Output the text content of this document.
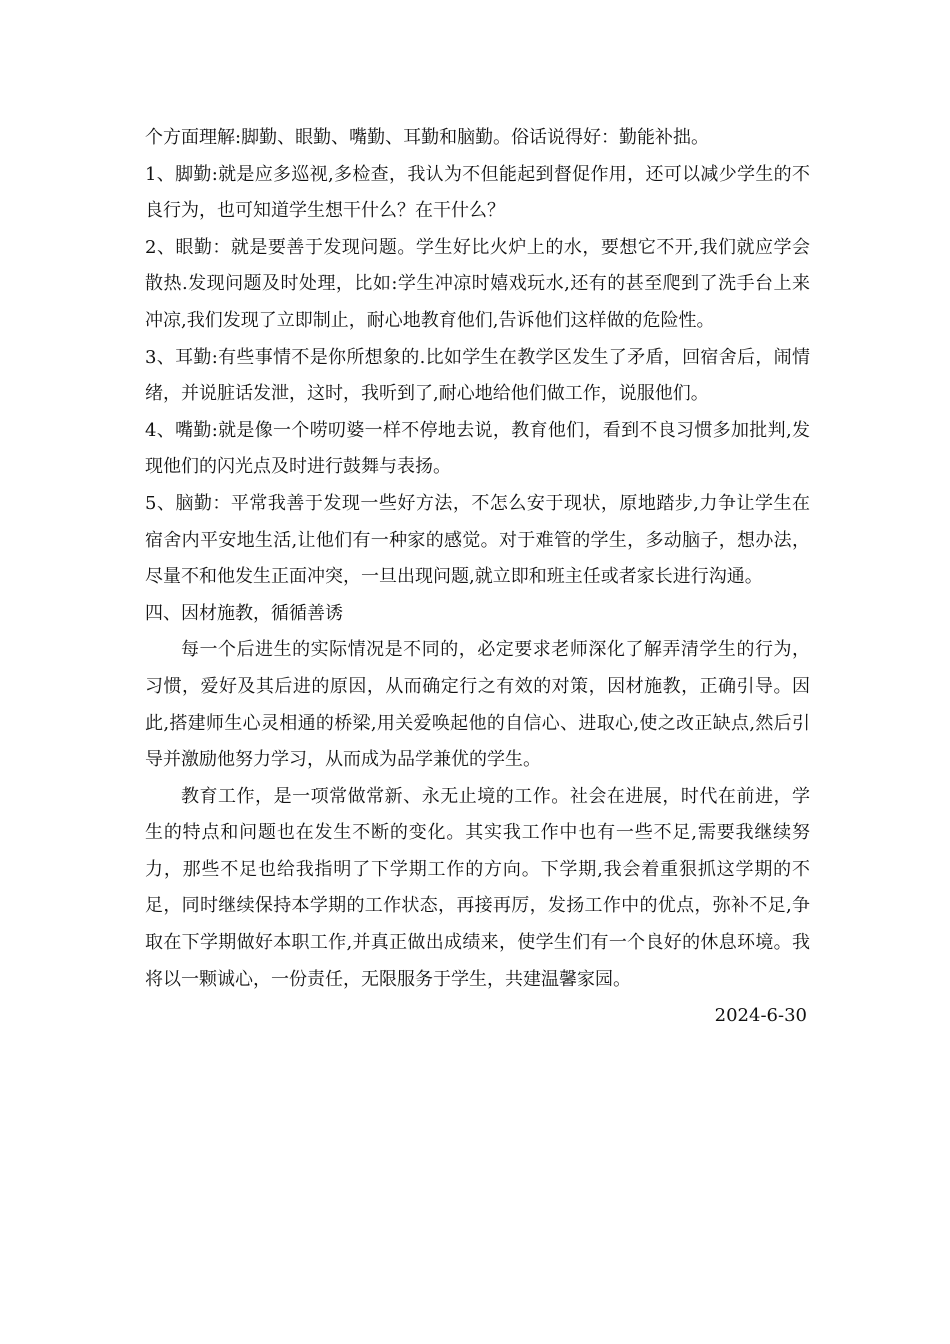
个方面理解:脚勤、眼勤、嘴勤、耳勤和脑勤。俗话说得好：勤能补拙。

1、脚勤:就是应多巡视,多检查，我认为不但能起到督促作用，还可以减少学生的不良行为，也可知道学生想干什么？在干什么？

2、眼勤：就是要善于发现问题。学生好比火炉上的水，要想它不开,我们就应学会散热.发现问题及时处理，比如:学生冲凉时嬉戏玩水,还有的甚至爬到了洗手台上来冲凉,我们发现了立即制止，耐心地教育他们,告诉他们这样做的危险性。

3、耳勤:有些事情不是你所想象的.比如学生在教学区发生了矛盾，回宿舍后，闹情绪，并说脏话发泄，这时，我听到了,耐心地给他们做工作，说服他们。

4、嘴勤:就是像一个唠叨婆一样不停地去说，教育他们，看到不良习惯多加批判,发现他们的闪光点及时进行鼓舞与表扬。

5、脑勤：平常我善于发现一些好方法，不怎么安于现状，原地踏步,力争让学生在宿舍内平安地生活,让他们有一种家的感觉。对于难管的学生，多动脑子，想办法，尽量不和他发生正面冲突，一旦出现问题,就立即和班主任或者家长进行沟通。

四、因材施教，循循善诱

每一个后进生的实际情况是不同的，必定要求老师深化了解弄清学生的行为，习惯，爱好及其后进的原因，从而确定行之有效的对策，因材施教，正确引导。因此,搭建师生心灵相通的桥梁,用关爱唤起他的自信心、进取心,使之改正缺点,然后引导并激励他努力学习，从而成为品学兼优的学生。

教育工作，是一项常做常新、永无止境的工作。社会在进展，时代在前进，学生的特点和问题也在发生不断的变化。其实我工作中也有一些不足,需要我继续努力，那些不足也给我指明了下学期工作的方向。下学期,我会着重狠抓这学期的不足，同时继续保持本学期的工作状态，再接再厉，发扬工作中的优点，弥补不足,争取在下学期做好本职工作,并真正做出成绩来，使学生们有一个良好的休息环境。我将以一颗诚心，一份责任，无限服务于学生，共建温馨家园。

2024-6-30
